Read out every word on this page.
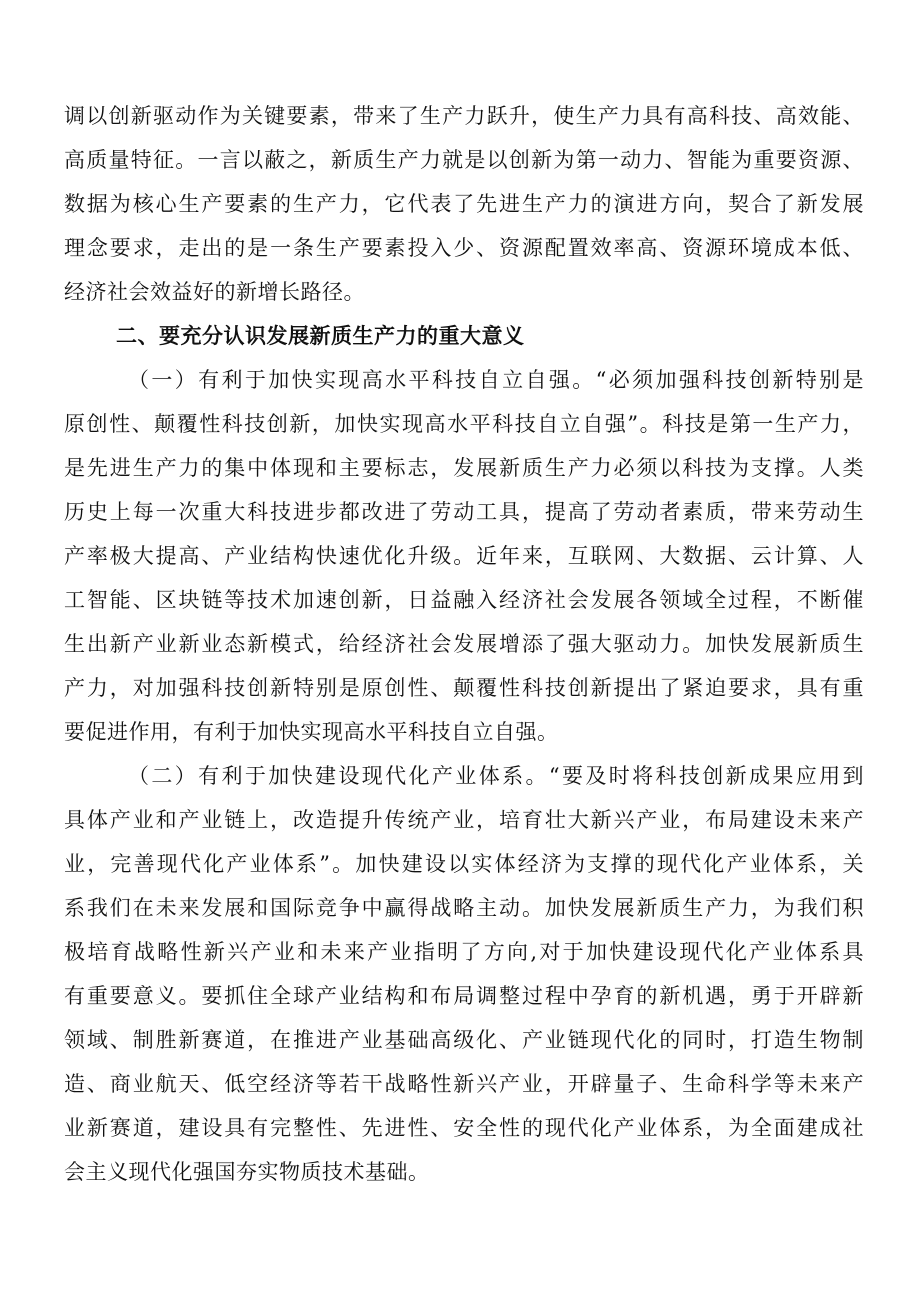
调以创新驱动作为关键要素，带来了生产力跃升，使生产力具有高科技、高效能、
高质量特征。一言以蔽之，新质生产力就是以创新为第一动力、智能为重要资源、
数据为核心生产要素的生产力，它代表了先进生产力的演进方向，契合了新发展
理念要求，走出的是一条生产要素投入少、资源配置效率高、资源环境成本低、
经济社会效益好的新增长路径。
二、要充分认识发展新质生产力的重大意义
（一）有利于加快实现高水平科技自立自强。“必须加强科技创新特别是
原创性、颠覆性科技创新，加快实现高水平科技自立自强”。科技是第一生产力，
是先进生产力的集中体现和主要标志，发展新质生产力必须以科技为支撑。人类
历史上每一次重大科技进步都改进了劳动工具，提高了劳动者素质，带来劳动生
产率极大提高、产业结构快速优化升级。近年来，互联网、大数据、云计算、人
工智能、区块链等技术加速创新，日益融入经济社会发展各领域全过程，不断催
生出新产业新业态新模式，给经济社会发展增添了强大驱动力。加快发展新质生
产力，对加强科技创新特别是原创性、颠覆性科技创新提出了紧迫要求，具有重
要促进作用，有利于加快实现高水平科技自立自强。
（二）有利于加快建设现代化产业体系。“要及时将科技创新成果应用到
具体产业和产业链上，改造提升传统产业，培育壮大新兴产业，布局建设未来产
业，完善现代化产业体系”。加快建设以实体经济为支撑的现代化产业体系，关
系我们在未来发展和国际竞争中赢得战略主动。加快发展新质生产力，为我们积
极培育战略性新兴产业和未来产业指明了方向,对于加快建设现代化产业体系具
有重要意义。要抓住全球产业结构和布局调整过程中孕育的新机遇，勇于开辟新
领域、制胜新赛道，在推进产业基础高级化、产业链现代化的同时，打造生物制
造、商业航天、低空经济等若干战略性新兴产业，开辟量子、生命科学等未来产
业新赛道，建设具有完整性、先进性、安全性的现代化产业体系，为全面建成社
会主义现代化强国夯实物质技术基础。
